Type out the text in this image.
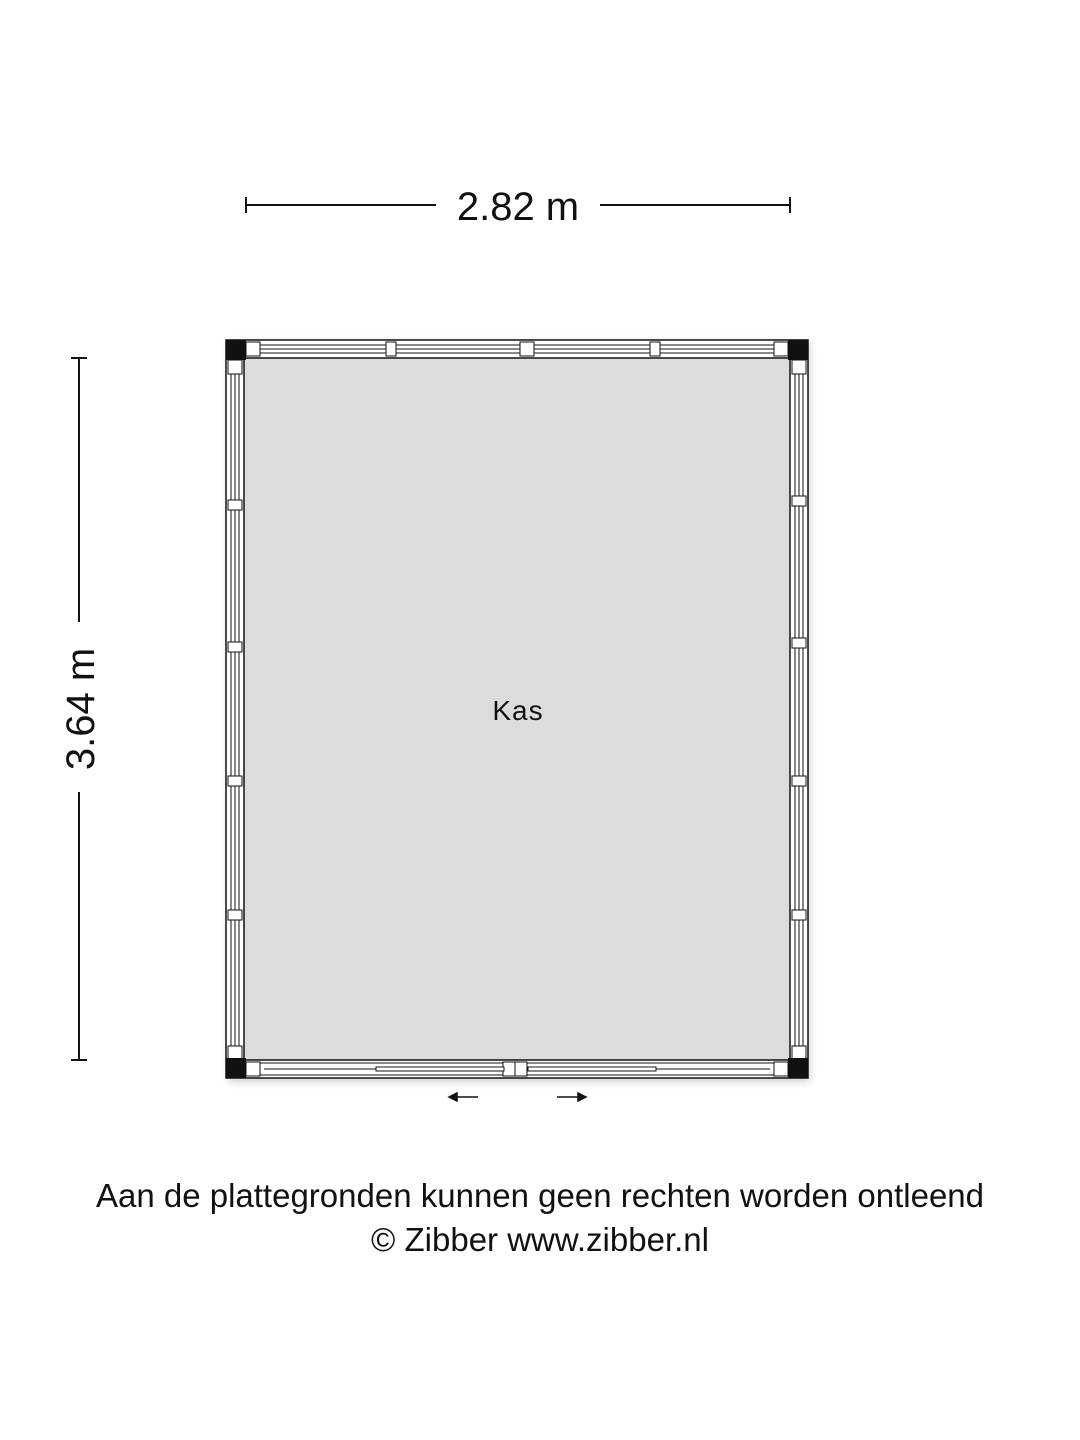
2.82 m
3.64 m	Kas
Aan de plattegronden kunnen geen rechten worden ontleend
© Zibber www.zibber.nl
